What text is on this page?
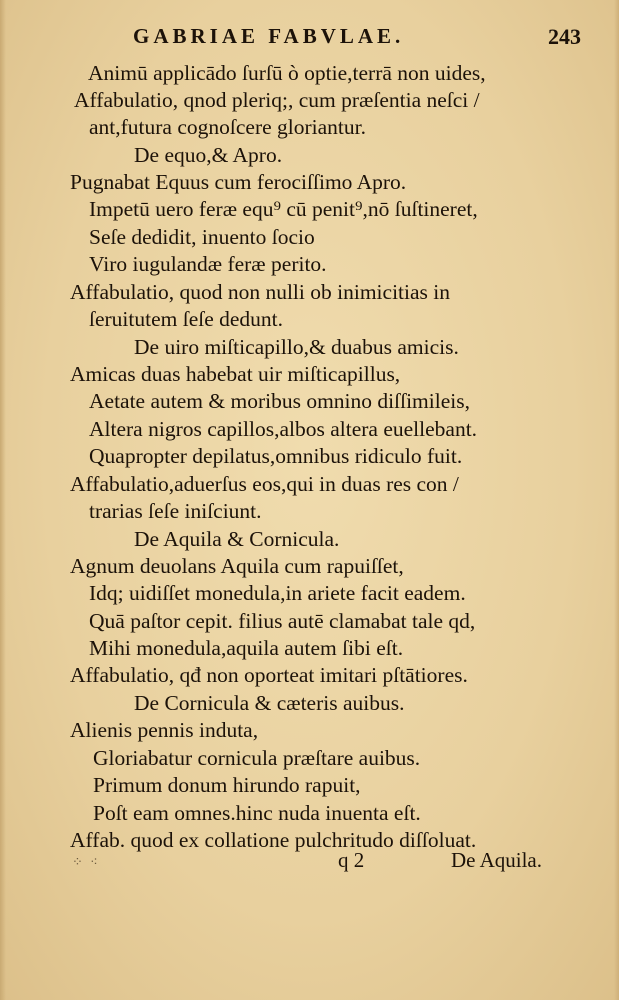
GABRIAE FABVLAE.	243
Animū applicādo ſurſū ò optie,terrā non uides,
Affabulatio, qnod pleriq;, cum præſentia neſci /
ant,futura cognoſcere gloriantur.
De equo,& Apro.
Pugnabat Equus cum ferociſſimo Apro.
Impetū uero feræ equ⁹ cū penit⁹,nō ſuſtineret,
Seſe dedidit, inuento ſocio
Viro iugulandæ feræ perito.
Affabulatio, quod non nulli ob inimicitias in
ſeruitutem ſeſe dedunt.
De uiro miſticapillo,& duabus amicis.
Amicas duas habebat uir miſticapillus,
Aetate autem & moribus omnino diſſimileis,
Altera nigros capillos,albos altera euellebant.
Quapropter depilatus,omnibus ridiculo fuit.
Affabulatio,aduerſus eos,qui in duas res con /
trarias ſeſe iniſciunt.
De Aquila & Cornicula.
Agnum deuolans Aquila cum rapuiſſet,
Idq; uidiſſet monedula,in ariete facit eadem.
Quā paſtor cepit. filius autē clamabat tale qd,
Mihi monedula,aquila autem ſibi eſt.
Affabulatio, qđ non oporteat imitari pſtātiores.
De Cornicula & cæteris auibus.
Alienis pennis induta,
Gloriabatur cornicula præſtare auibus.
Primum donum hirundo rapuit,
Poſt eam omnes.hinc nuda inuenta eſt.
Affab. quod ex collatione pulchritudo diſſoluat.
⁘ ⁖	q 2	De Aquila.
